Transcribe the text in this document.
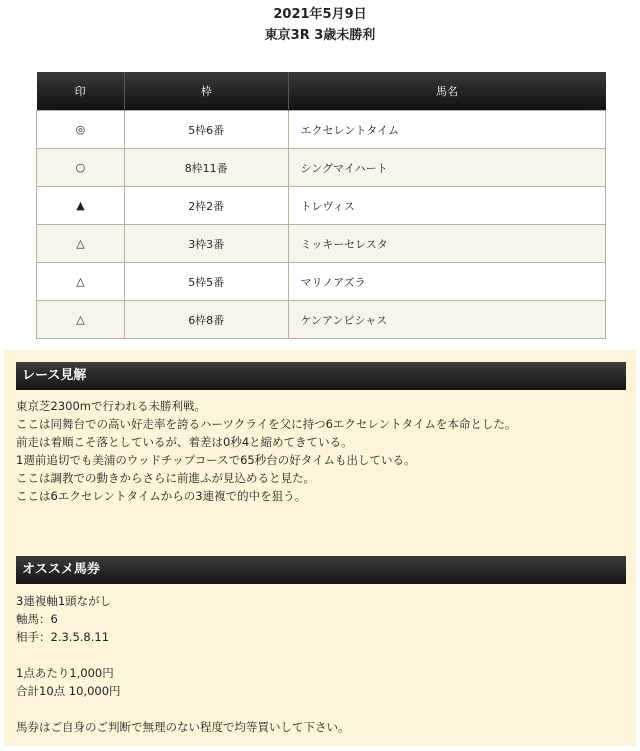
2021年5月9日
東京3R 3歳未勝利
印	枠	馬名
◎	5枠6番	エクセレントタイム
○	8枠11番	シングマイハート
▲	2枠2番	トレヴィス
△	3枠3番	ミッキーセレスタ
△	5枠5番	マリノアズラ
△	6枠8番	ケンアンビシャス
レース見解
東京芝2300mで行われる未勝利戦。
ここは同舞台での高い好走率を誇るハーツクライを父に持つ6エクセレントタイムを本命とした。
前走は着順こそ落としているが、着差は0秒4と縮めてきている。
1週前追切でも美浦のウッドチップコースで65秒台の好タイムも出している。
ここは調教での動きからさらに前進ふが見込めると見た。
ここは6エクセレントタイムからの3連複で的中を狙う。
オススメ馬券
3連複軸1頭ながし
軸馬：6
相手：2.3.5.8.11
1点あたり1,000円
合計10点 10,000円
馬券はご自身のご判断で無理のない程度で均等買いして下さい。
